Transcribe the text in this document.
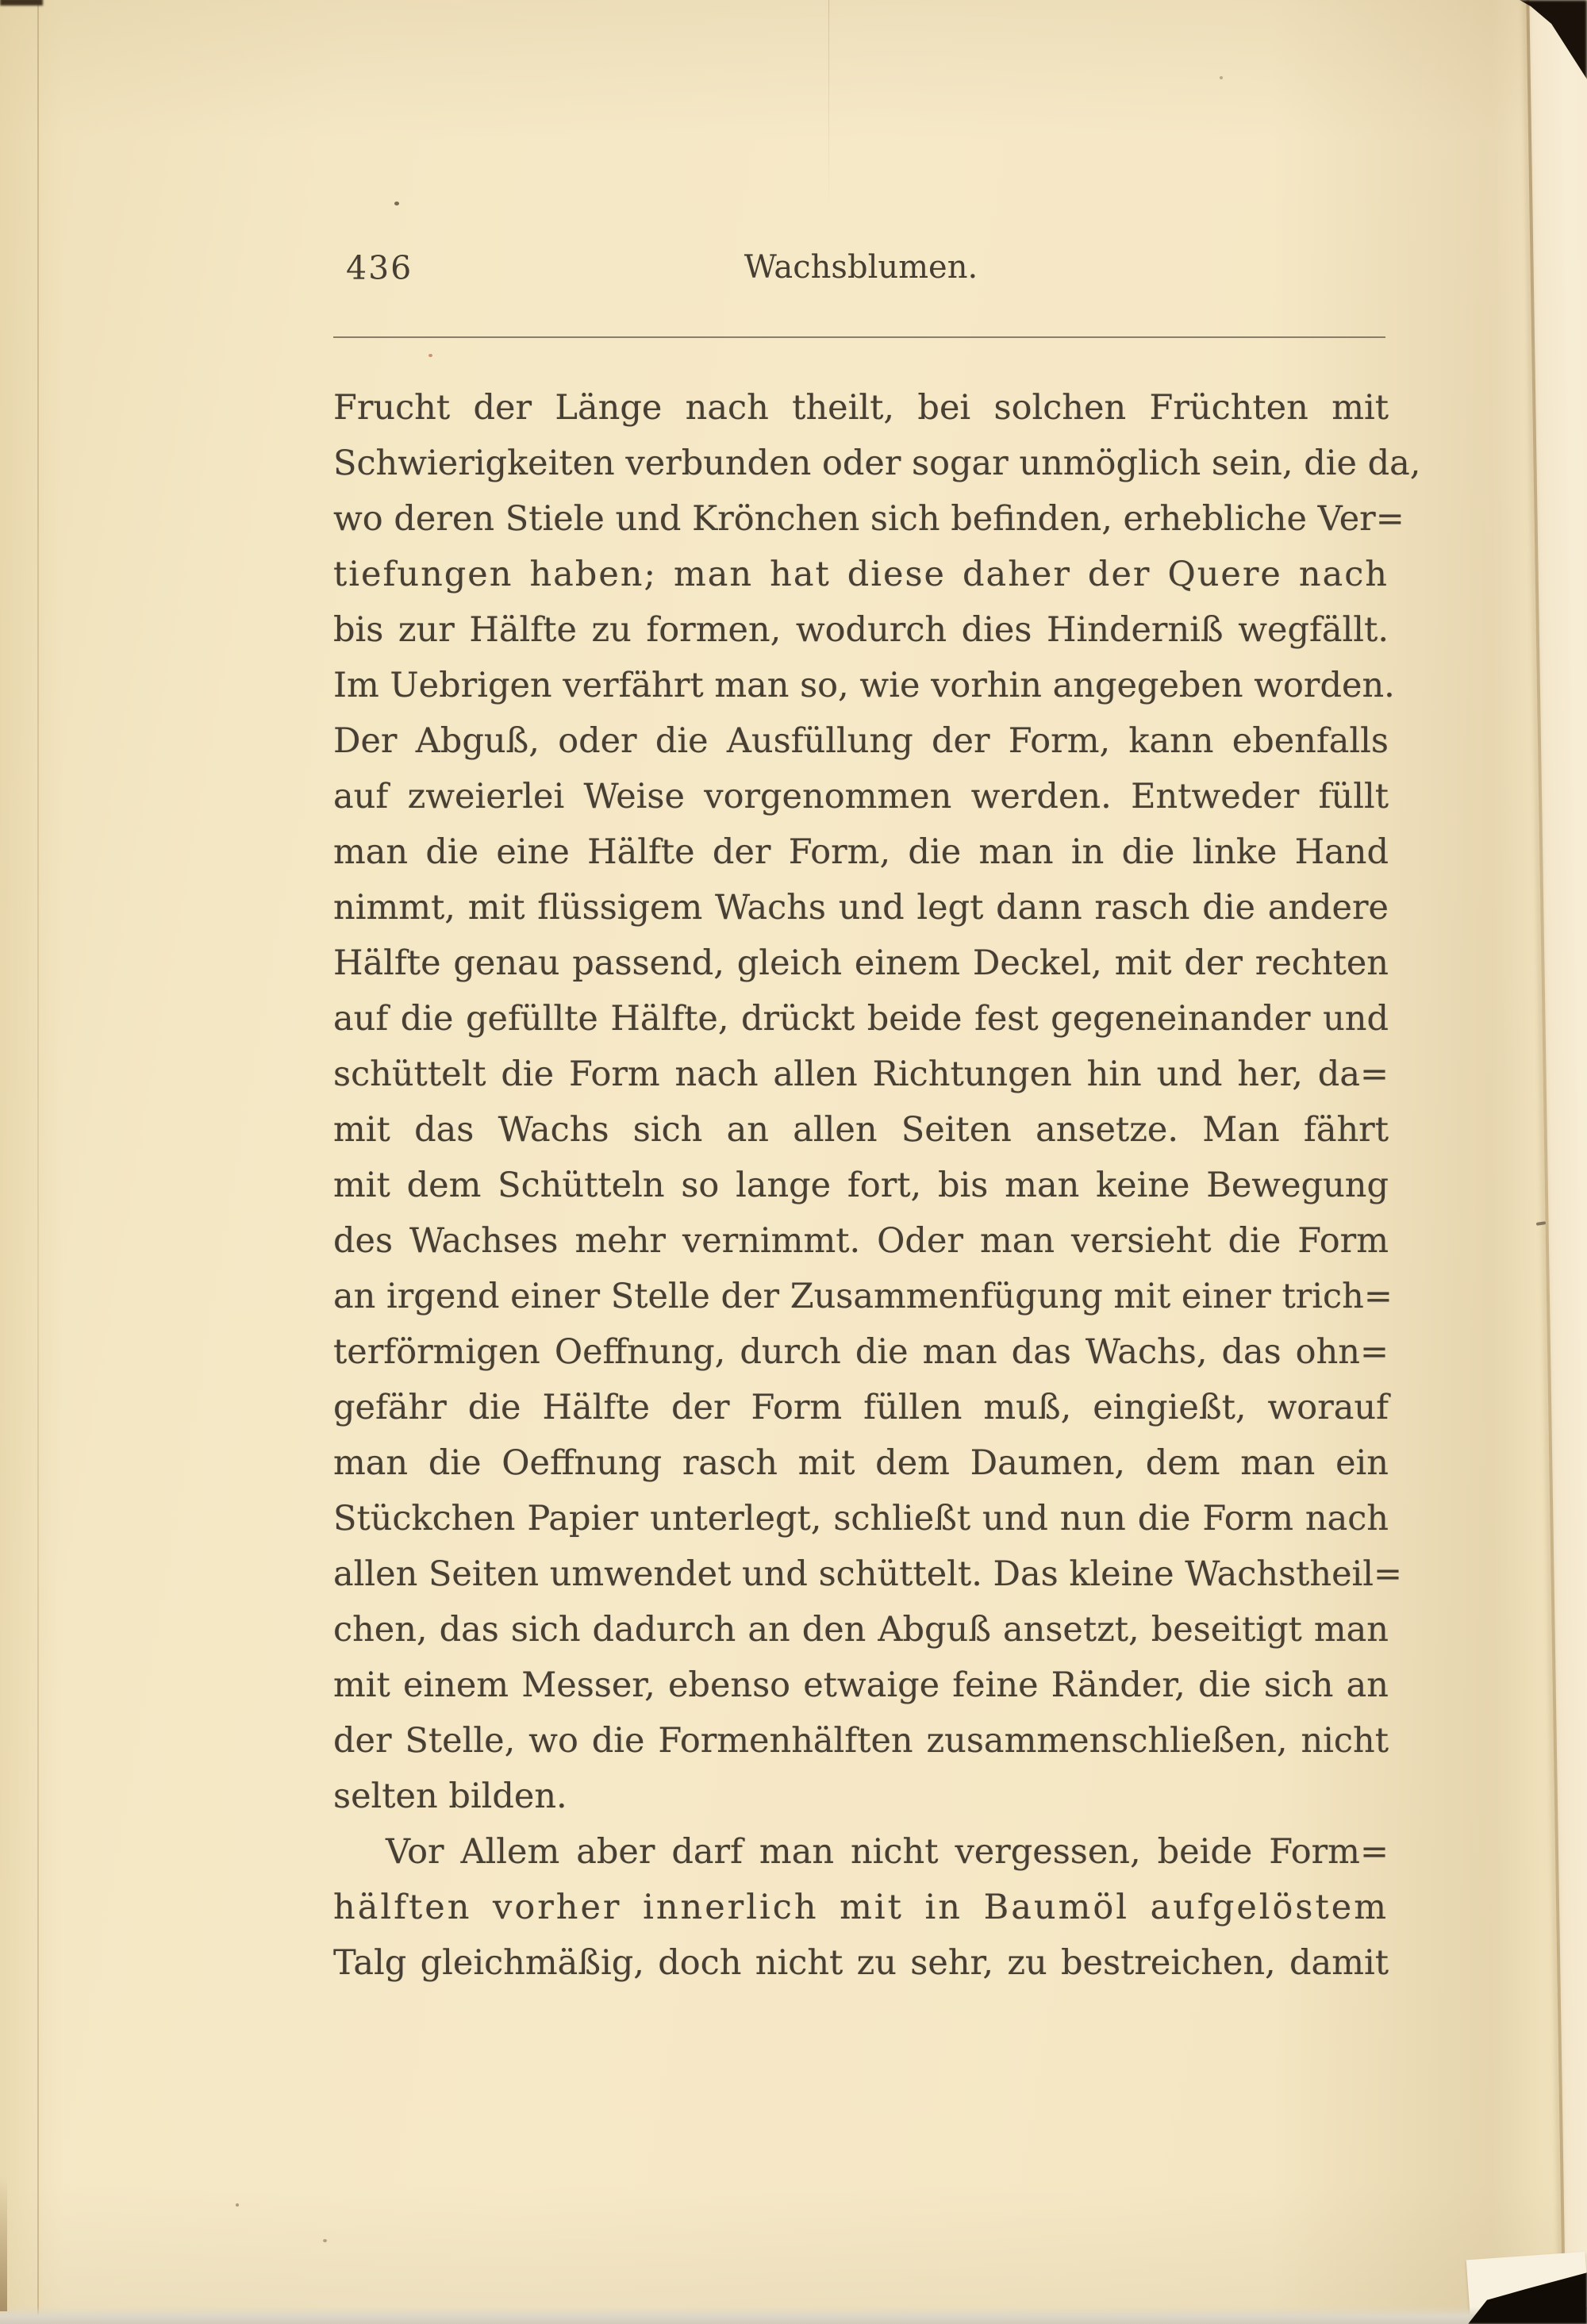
436	Wachsblumen.
Frucht der Länge nach theilt, bei solchen Früchten mit
Schwierigkeiten verbunden oder sogar unmöglich sein, die da,
wo deren Stiele und Krönchen sich befinden, erhebliche Ver=
tiefungen haben; man hat diese daher der Quere nach
bis zur Hälfte zu formen, wodurch dies Hinderniß wegfällt.
Im Uebrigen verfährt man so, wie vorhin angegeben worden.
Der Abguß, oder die Ausfüllung der Form, kann ebenfalls
auf zweierlei Weise vorgenommen werden. Entweder füllt
man die eine Hälfte der Form, die man in die linke Hand
nimmt, mit flüssigem Wachs und legt dann rasch die andere
Hälfte genau passend, gleich einem Deckel, mit der rechten
auf die gefüllte Hälfte, drückt beide fest gegeneinander und
schüttelt die Form nach allen Richtungen hin und her, da=
mit das Wachs sich an allen Seiten ansetze. Man fährt
mit dem Schütteln so lange fort, bis man keine Bewegung
des Wachses mehr vernimmt. Oder man versieht die Form
an irgend einer Stelle der Zusammenfügung mit einer trich=
terförmigen Oeffnung, durch die man das Wachs, das ohn=
gefähr die Hälfte der Form füllen muß, eingießt, worauf
man die Oeffnung rasch mit dem Daumen, dem man ein
Stückchen Papier unterlegt, schließt und nun die Form nach
allen Seiten umwendet und schüttelt. Das kleine Wachstheil=
chen, das sich dadurch an den Abguß ansetzt, beseitigt man
mit einem Messer, ebenso etwaige feine Ränder, die sich an
der Stelle, wo die Formenhälften zusammenschließen, nicht
selten bilden.
Vor Allem aber darf man nicht vergessen, beide Form=
hälften vorher innerlich mit in Baumöl aufgelöstem
Talg gleichmäßig, doch nicht zu sehr, zu bestreichen, damit
